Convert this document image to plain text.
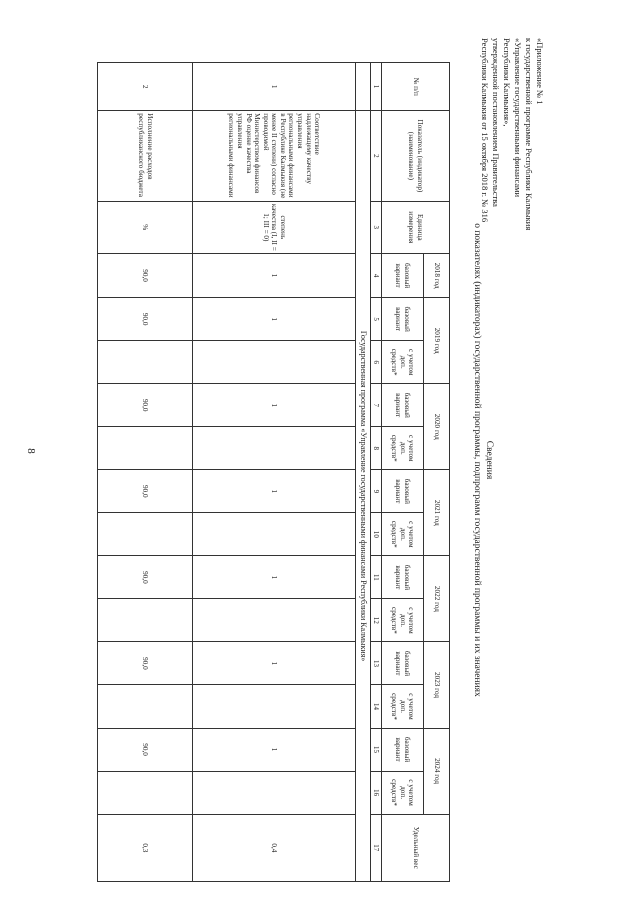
8
«Приложение № 1
к государственной программе Республики Калмыкия
«Управление государственными финансами
Республики Калмыкия»,
утвержденной постановлением Правительства
Республики Калмыкия от 15 октября 2018 г. № 316
Сведения
о показателях (индикаторах) государственной программы, подпрограмм государственной программы и их значениях
№ п/п	Показатель (индикатор) (наименование)	Единица измерения	2018 год	2019 год		2020 год		2021 год		2022 год		2023 год		2024 год		Удельный вес
			базовый вариант	базовый вариант	с учетом доп. средств*	базовый вариант	с учетом доп. средств*	базовый вариант	с учетом доп. средств*	базовый вариант	с учетом доп. средств*	базовый вариант	с учетом доп. средств*	базовый вариант	с учетом доп. средств*	
1	2	3	4	5	6	7	8	9	10	11	12	13	14	15	16	17
	Государственная программа «Управление государственными финансами Республики Калмыкия»															
1	Соответствие надлежащему качеству управления региональными финансами в Республике Калмыкия (не менее II степени) согласно проводимой Министерством финансов РФ оценке качества управления региональными финансами	степень качества (I, II = 1; III = 0)	1	1		1		1		1		1		1		0,4
2	Исполнение расходов республиканского бюджета	%	90,0	90,0		90,0		90,0		90,0		90,0		90,0		0,3
